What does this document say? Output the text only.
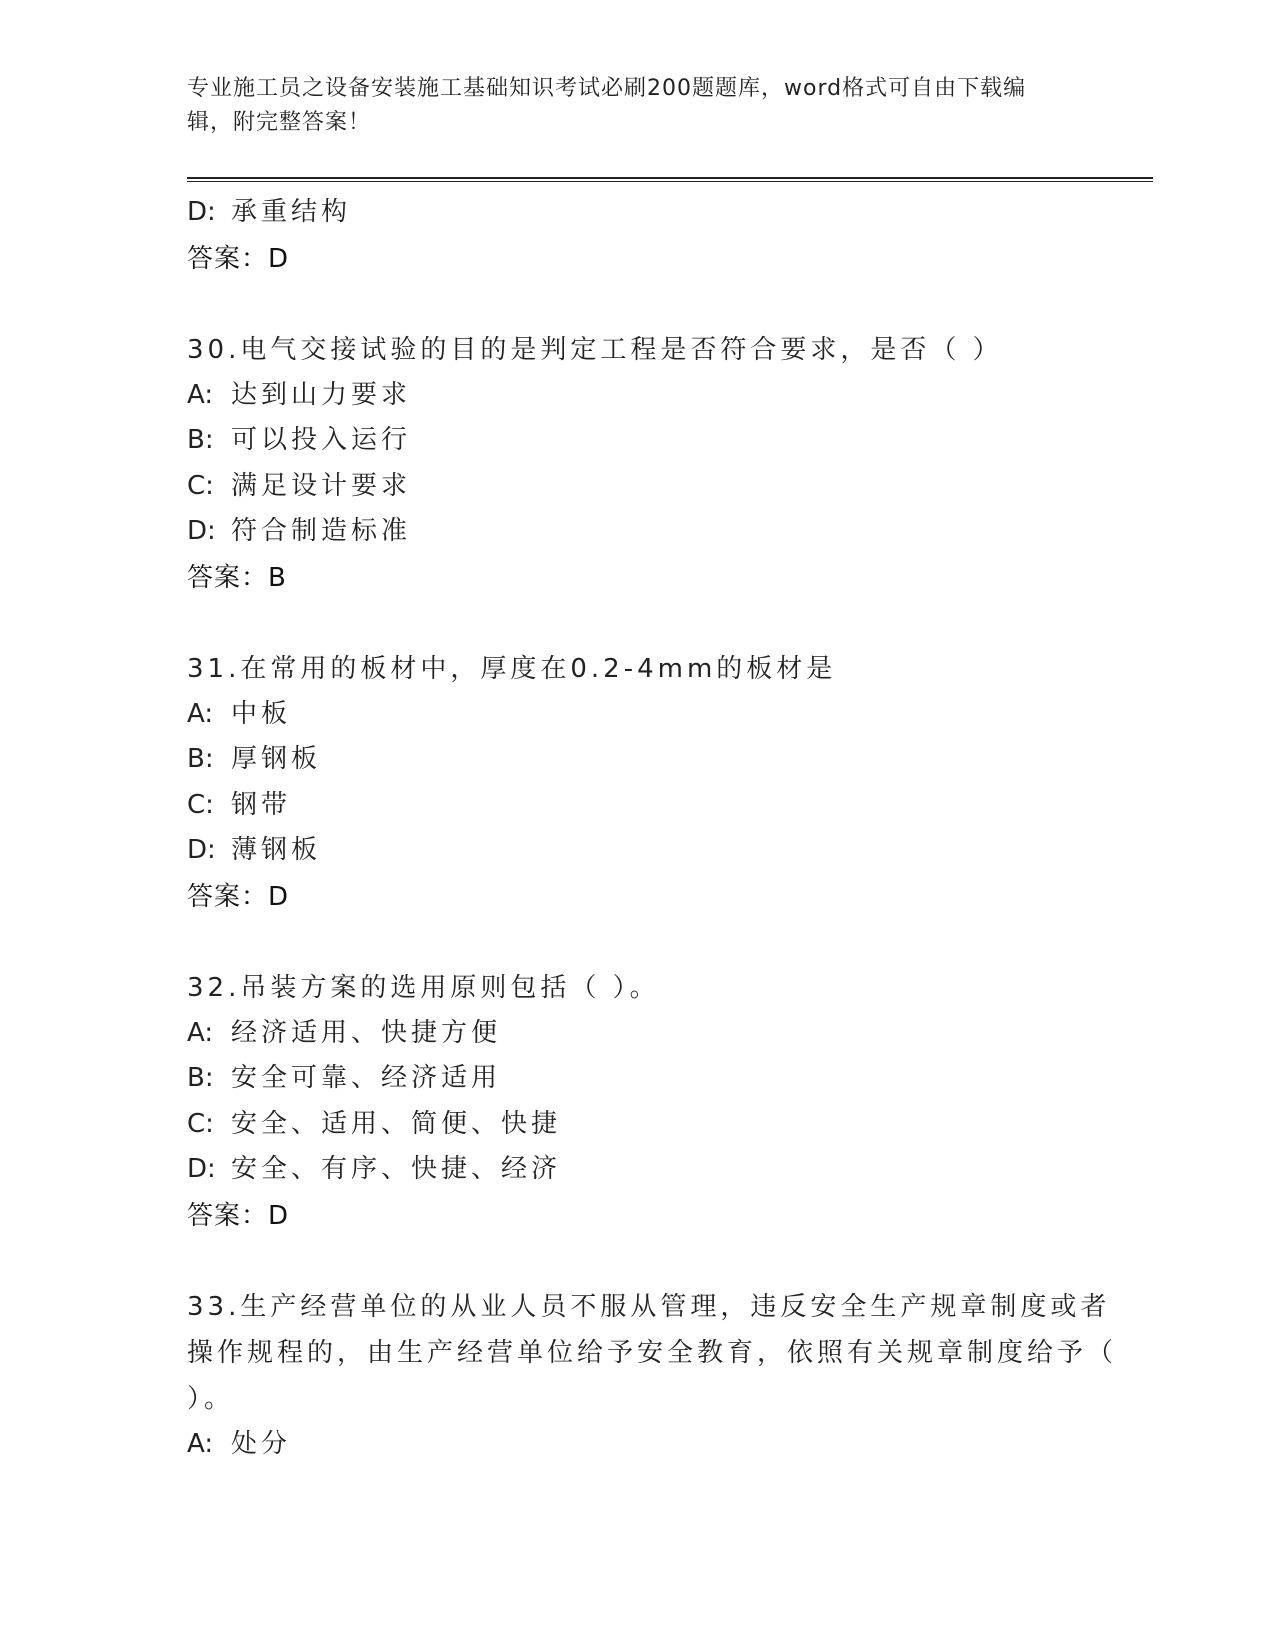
专业施工员之设备安装施工基础知识考试必刷200题题库，word格式可自由下载编辑，附完整答案！
D: 承重结构
答案：D
30.电气交接试验的目的是判定工程是否符合要求，是否（ ）
A: 达到山力要求
B: 可以投入运行
C: 满足设计要求
D: 符合制造标准
答案：B
31.在常用的板材中，厚度在0.2-4mm的板材是
A: 中板
B: 厚钢板
C: 钢带
D: 薄钢板
答案：D
32.吊装方案的选用原则包括（ ）。
A: 经济适用、快捷方便
B: 安全可靠、经济适用
C: 安全、适用、简便、快捷
D: 安全、有序、快捷、经济
答案：D
33.生产经营单位的从业人员不服从管理，违反安全生产规章制度或者操作规程的，由生产经营单位给予安全教育，依照有关规章制度给予（ ）。
A: 处分
